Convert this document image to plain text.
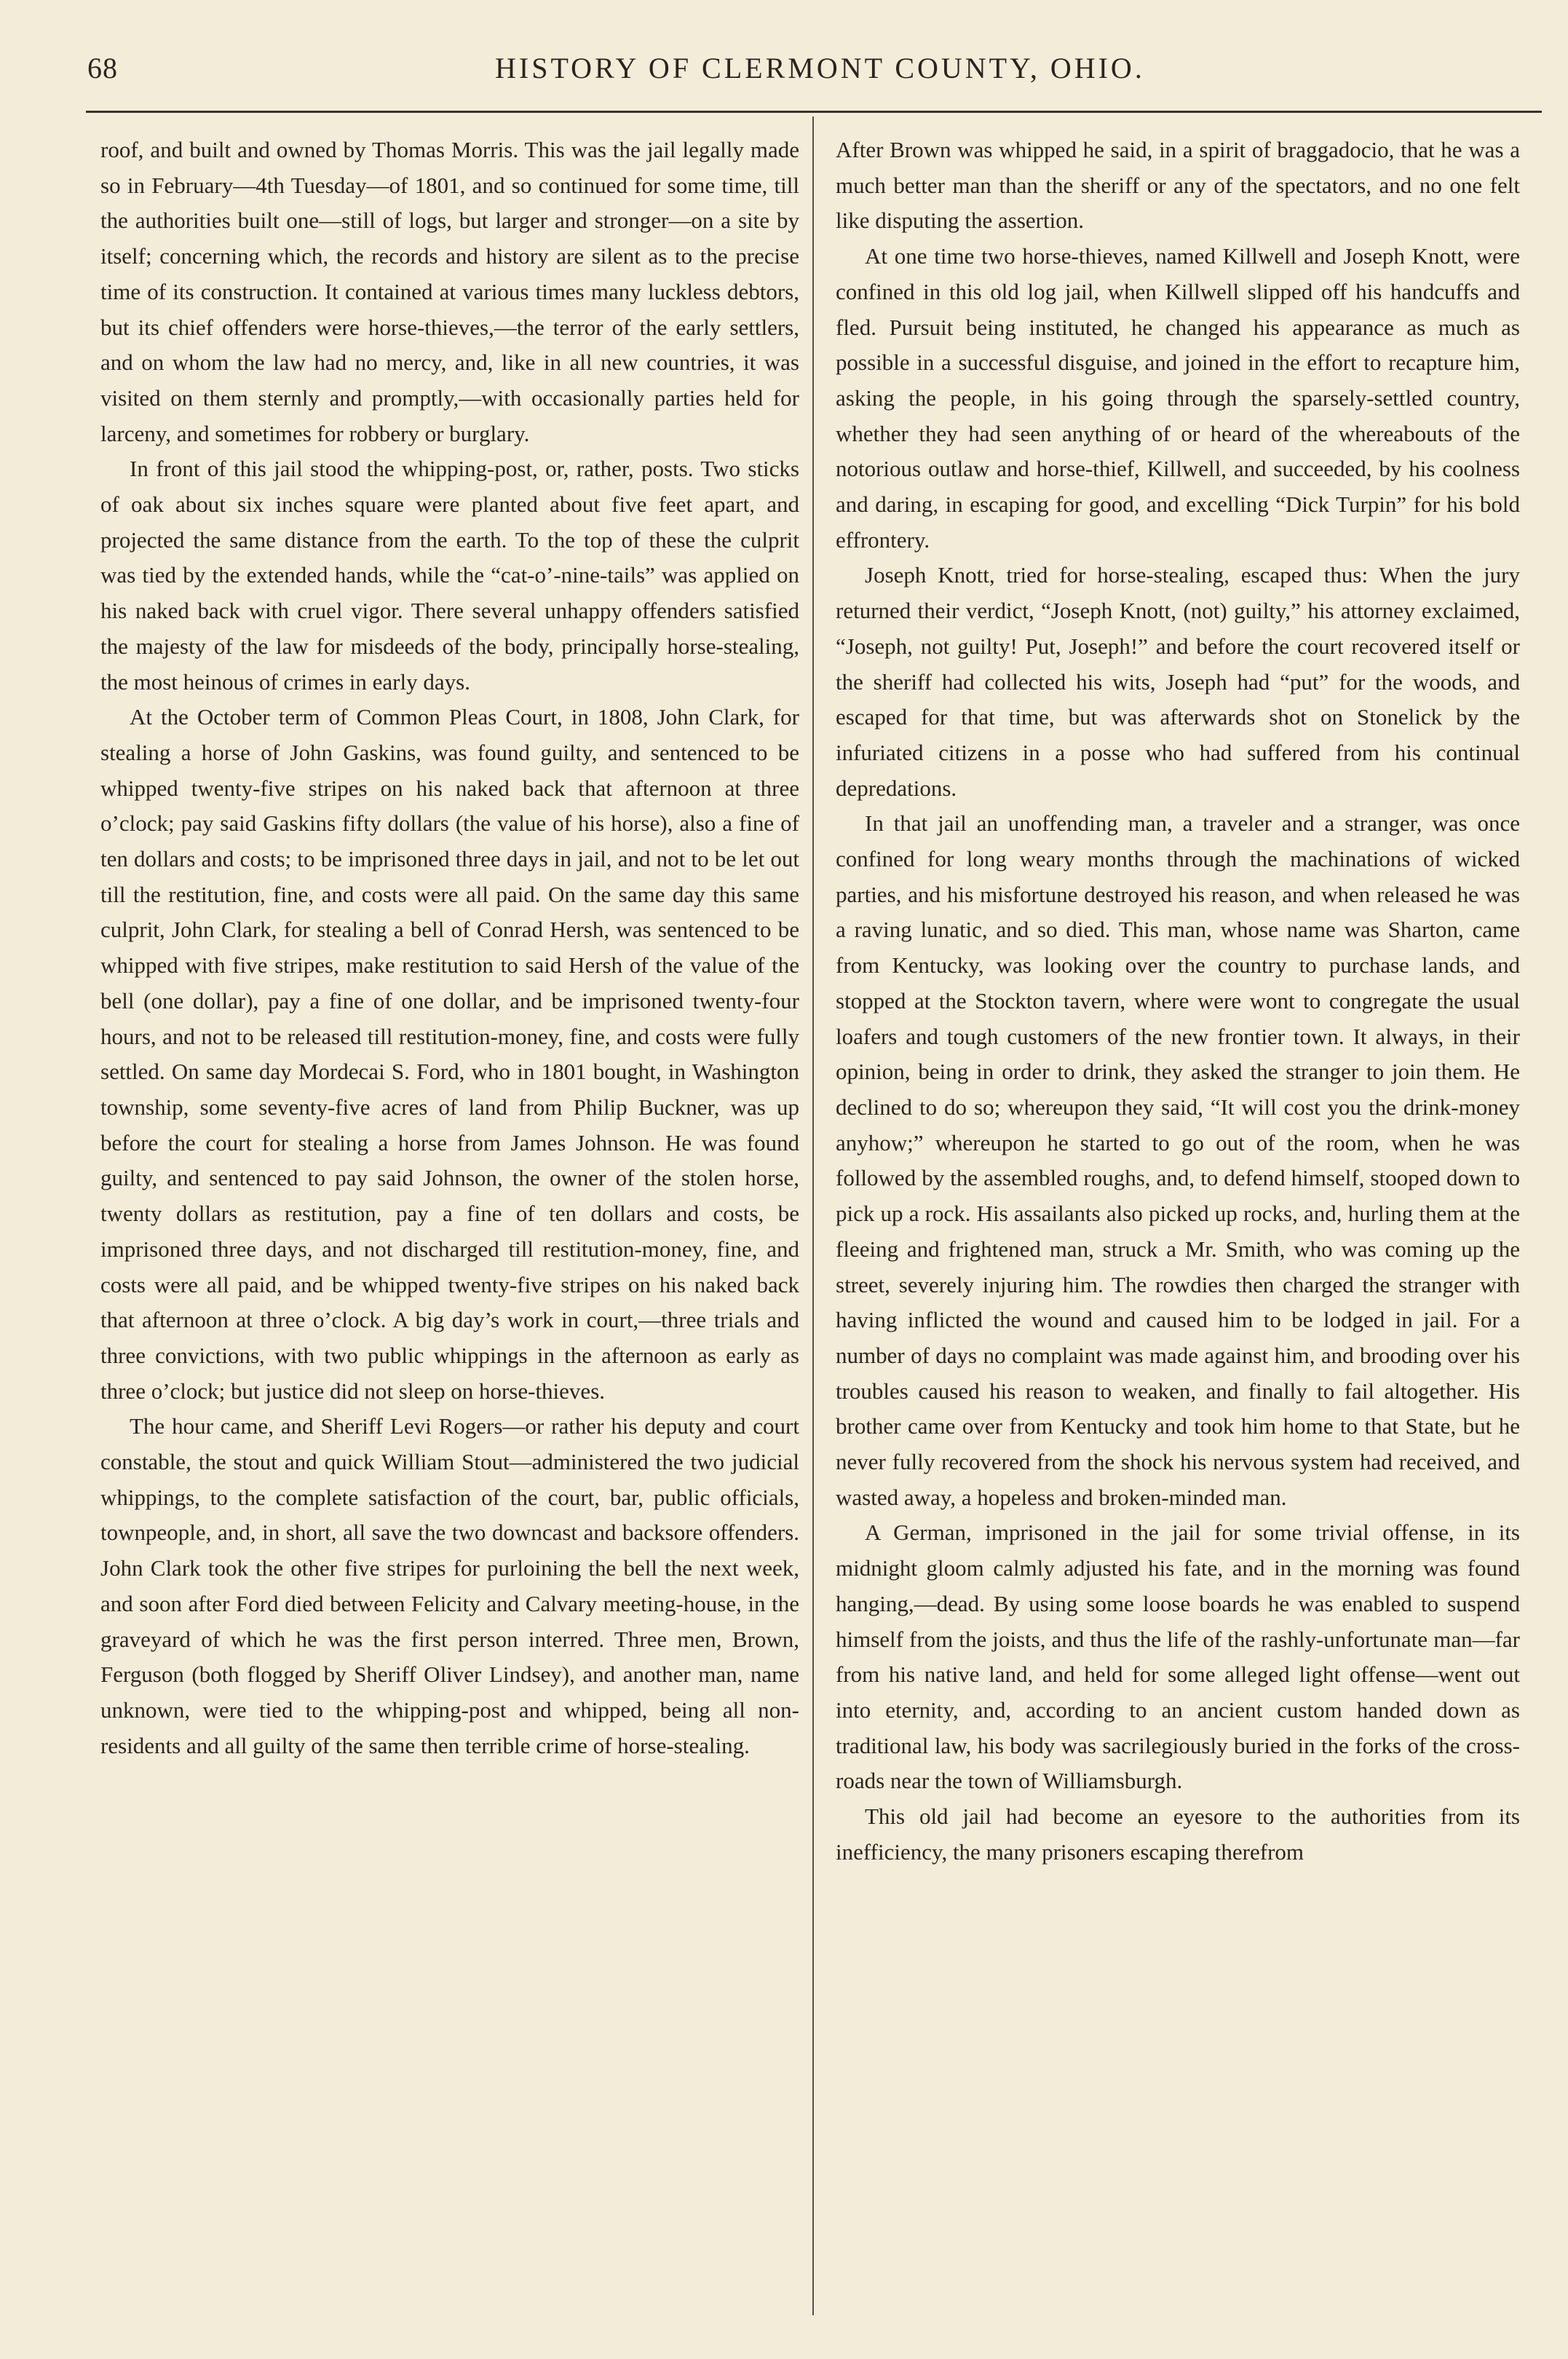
68	HISTORY OF CLERMONT COUNTY, OHIO.

roof, and built and owned by Thomas Morris. This was the jail legally made so in February—4th Tuesday—of 1801, and so continued for some time, till the authorities built one—still of logs, but larger and stronger—on a site by itself; concerning which, the records and history are silent as to the precise time of its construction. It contained at various times many luckless debtors, but its chief offenders were horse-thieves,—the terror of the early settlers, and on whom the law had no mercy, and, like in all new countries, it was visited on them sternly and promptly,—with occasionally parties held for larceny, and sometimes for robbery or burglary.

In front of this jail stood the whipping-post, or, rather, posts. Two sticks of oak about six inches square were planted about five feet apart, and projected the same distance from the earth. To the top of these the culprit was tied by the extended hands, while the “cat-o’-nine-tails” was applied on his naked back with cruel vigor. There several unhappy offenders satisfied the majesty of the law for misdeeds of the body, principally horse-stealing, the most heinous of crimes in early days.

At the October term of Common Pleas Court, in 1808, John Clark, for stealing a horse of John Gaskins, was found guilty, and sentenced to be whipped twenty-five stripes on his naked back that afternoon at three o’clock; pay said Gaskins fifty dollars (the value of his horse), also a fine of ten dollars and costs; to be imprisoned three days in jail, and not to be let out till the restitution, fine, and costs were all paid. On the same day this same culprit, John Clark, for stealing a bell of Conrad Hersh, was sentenced to be whipped with five stripes, make restitution to said Hersh of the value of the bell (one dollar), pay a fine of one dollar, and be imprisoned twenty-four hours, and not to be released till restitution-money, fine, and costs were fully settled. On same day Mordecai S. Ford, who in 1801 bought, in Washington township, some seventy-five acres of land from Philip Buckner, was up before the court for stealing a horse from James Johnson. He was found guilty, and sentenced to pay said Johnson, the owner of the stolen horse, twenty dollars as restitution, pay a fine of ten dollars and costs, be imprisoned three days, and not discharged till restitution-money, fine, and costs were all paid, and be whipped twenty-five stripes on his naked back that afternoon at three o’clock. A big day’s work in court,—three trials and three convictions, with two public whippings in the afternoon as early as three o’clock; but justice did not sleep on horse-thieves.

The hour came, and Sheriff Levi Rogers—or rather his deputy and court constable, the stout and quick William Stout—administered the two judicial whippings, to the complete satisfaction of the court, bar, public officials, townpeople, and, in short, all save the two downcast and backsore offenders. John Clark took the other five stripes for purloining the bell the next week, and soon after Ford died between Felicity and Calvary meeting-house, in the graveyard of which he was the first person interred. Three men, Brown, Ferguson (both flogged by Sheriff Oliver Lindsey), and another man, name unknown, were tied to the whipping-post and whipped, being all non-residents and all guilty of the same then terrible crime of horse-stealing.

After Brown was whipped he said, in a spirit of braggadocio, that he was a much better man than the sheriff or any of the spectators, and no one felt like disputing the assertion.

At one time two horse-thieves, named Killwell and Joseph Knott, were confined in this old log jail, when Killwell slipped off his handcuffs and fled. Pursuit being instituted, he changed his appearance as much as possible in a successful disguise, and joined in the effort to recapture him, asking the people, in his going through the sparsely-settled country, whether they had seen anything of or heard of the whereabouts of the notorious outlaw and horse-thief, Killwell, and succeeded, by his coolness and daring, in escaping for good, and excelling “Dick Turpin” for his bold effrontery.

Joseph Knott, tried for horse-stealing, escaped thus: When the jury returned their verdict, “Joseph Knott, (not) guilty,” his attorney exclaimed, “Joseph, not guilty! Put, Joseph!” and before the court recovered itself or the sheriff had collected his wits, Joseph had “put” for the woods, and escaped for that time, but was afterwards shot on Stonelick by the infuriated citizens in a posse who had suffered from his continual depredations.

In that jail an unoffending man, a traveler and a stranger, was once confined for long weary months through the machinations of wicked parties, and his misfortune destroyed his reason, and when released he was a raving lunatic, and so died. This man, whose name was Sharton, came from Kentucky, was looking over the country to purchase lands, and stopped at the Stockton tavern, where were wont to congregate the usual loafers and tough customers of the new frontier town. It always, in their opinion, being in order to drink, they asked the stranger to join them. He declined to do so; whereupon they said, “It will cost you the drink-money anyhow;” whereupon he started to go out of the room, when he was followed by the assembled roughs, and, to defend himself, stooped down to pick up a rock. His assailants also picked up rocks, and, hurling them at the fleeing and frightened man, struck a Mr. Smith, who was coming up the street, severely injuring him. The rowdies then charged the stranger with having inflicted the wound and caused him to be lodged in jail. For a number of days no complaint was made against him, and brooding over his troubles caused his reason to weaken, and finally to fail altogether. His brother came over from Kentucky and took him home to that State, but he never fully recovered from the shock his nervous system had received, and wasted away, a hopeless and broken-minded man.

A German, imprisoned in the jail for some trivial offense, in its midnight gloom calmly adjusted his fate, and in the morning was found hanging,—dead. By using some loose boards he was enabled to suspend himself from the joists, and thus the life of the rashly-unfortunate man—far from his native land, and held for some alleged light offense—went out into eternity, and, according to an ancient custom handed down as traditional law, his body was sacrilegiously buried in the forks of the cross-roads near the town of Williamsburgh.

This old jail had become an eyesore to the authorities from its inefficiency, the many prisoners escaping therefrom
